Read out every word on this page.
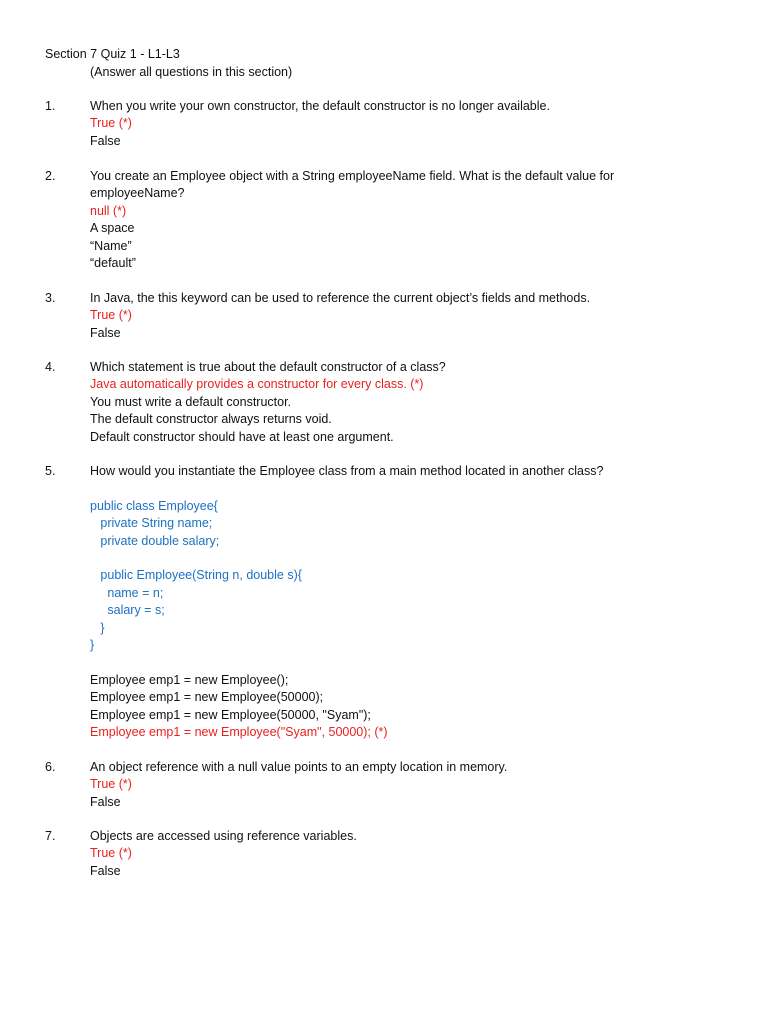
Section 7 Quiz 1 - L1-L3
(Answer all questions in this section)
1.	When you write your own constructor, the default constructor is no longer available.
True (*)
False
2.	You create an Employee object with a String employeeName field. What is the default value for
employeeName?
null (*)
A space
“Name”
“default”
3.	In Java, the this keyword can be used to reference the current object’s fields and methods.
True (*)
False
4.	Which statement is true about the default constructor of a class?
Java automatically provides a constructor for every class. (*)
You must write a default constructor.
The default constructor always returns void.
Default constructor should have at least one argument.
5.	How would you instantiate the Employee class from a main method located in another class?
public class Employee{
private String name;
private double salary;

public Employee(String n, double s){
name = n;
salary = s;
}
}
Employee emp1 = new Employee();
Employee emp1 = new Employee(50000);
Employee emp1 = new Employee(50000, "Syam");
Employee emp1 = new Employee("Syam", 50000); (*)
6.	An object reference with a null value points to an empty location in memory.
True (*)
False
7.	Objects are accessed using reference variables.
True (*)
False
